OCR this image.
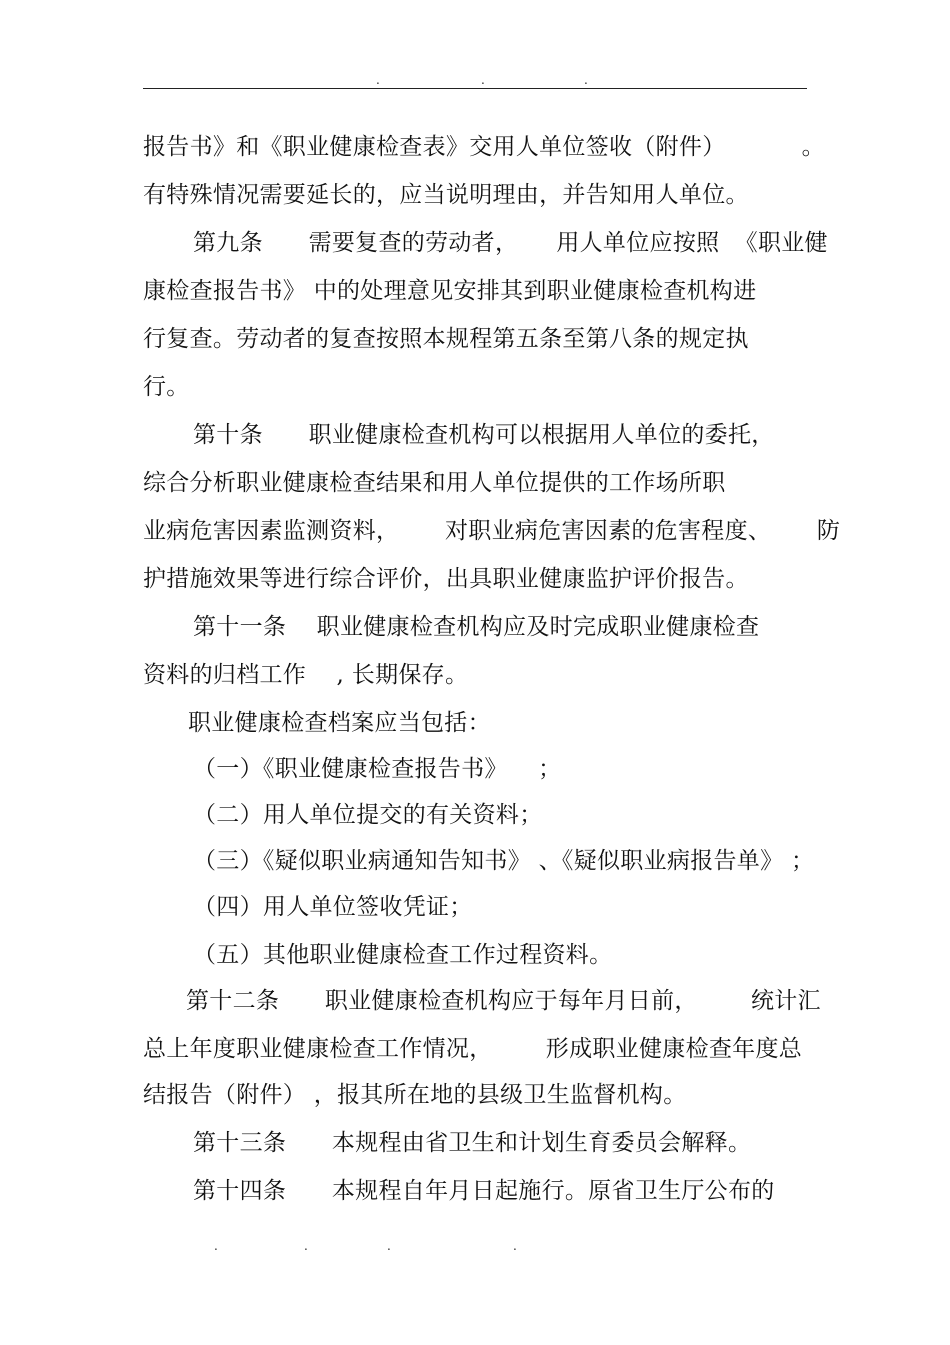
.	.	.
报告书》和《职业健康检查表》交用人单位签收（附件）          。
有特殊情况需要延长的，应当说明理由，并告知用人单位。
第九条      需要复查的劳动者，     用人单位应按照  《职业健
康检查报告书》 中的处理意见安排其到职业健康检查机构进
行复查。劳动者的复查按照本规程第五条至第八条的规定执
行。
第十条      职业健康检查机构可以根据用人单位的委托，
综合分析职业健康检查结果和用人单位提供的工作场所职
业病危害因素监测资料，      对职业病危害因素的危害程度、      防
护措施效果等进行综合评价，出具职业健康监护评价报告。
第十一条    职业健康检查机构应及时完成职业健康检查
资料的归档工作    , 长期保存。
职业健康检查档案应当包括：
（一）《职业健康检查报告书》    ；
（二）用人单位提交的有关资料；
（三）《疑似职业病通知告知书》 、《疑似职业病报告单》 ；
（四）用人单位签收凭证；
（五）其他职业健康检查工作过程资料。
第十二条      职业健康检查机构应于每年月日前，       统计汇
总上年度职业健康检查工作情况，       形成职业健康检查年度总
结报告（附件） ，报其所在地的县级卫生监督机构。
第十三条      本规程由省卫生和计划生育委员会解释。
第十四条      本规程自年月日起施行。原省卫生厅公布的
.	.	.	.
